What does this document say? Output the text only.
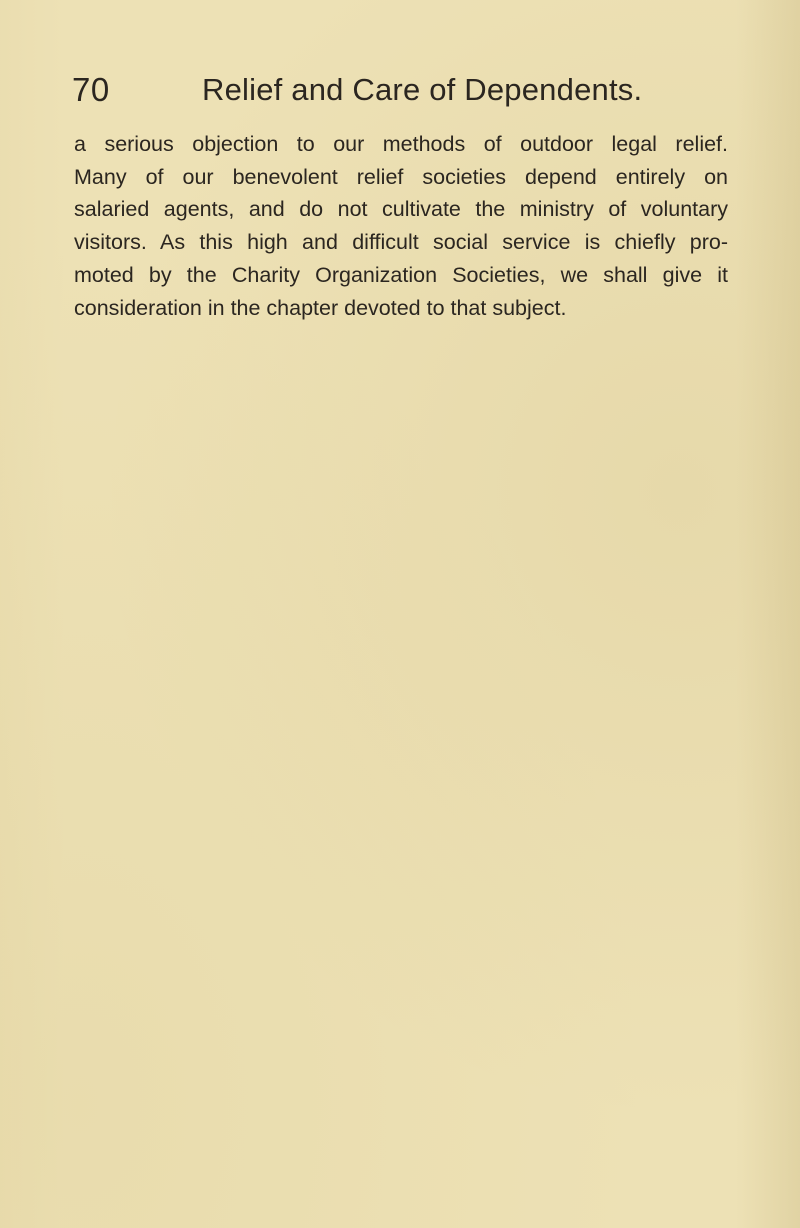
70	Relief and Care of Dependents.

a serious objection to our methods of outdoor legal relief.
Many of our benevolent relief societies depend entirely on
salaried agents, and do not cultivate the ministry of voluntary
visitors. As this high and difficult social service is chiefly pro-
moted by the Charity Organization Societies, we shall give it
consideration in the chapter devoted to that subject.
